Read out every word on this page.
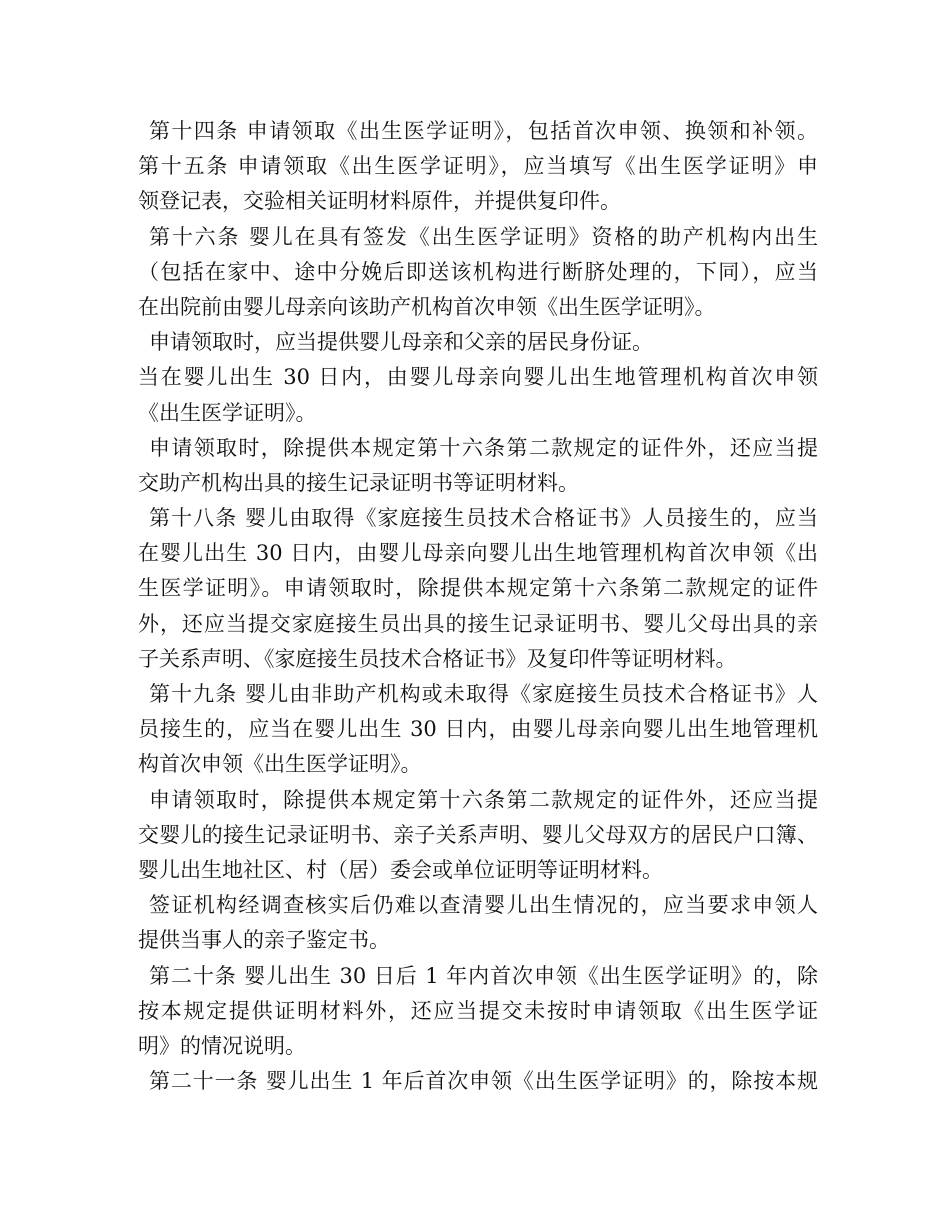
第十四条 申请领取《出生医学证明》，包括首次申领、换领和补领。
第十五条 申请领取《出生医学证明》，应当填写《出生医学证明》申
领登记表，交验相关证明材料原件，并提供复印件。
第十六条 婴儿在具有签发《出生医学证明》资格的助产机构内出生
（包括在家中、途中分娩后即送该机构进行断脐处理的，下同），应当
在出院前由婴儿母亲向该助产机构首次申领《出生医学证明》。
申请领取时，应当提供婴儿母亲和父亲的居民身份证。
当在婴儿出生 30 日内，由婴儿母亲向婴儿出生地管理机构首次申领
《出生医学证明》。
申请领取时，除提供本规定第十六条第二款规定的证件外，还应当提
交助产机构出具的接生记录证明书等证明材料。
第十八条 婴儿由取得《家庭接生员技术合格证书》人员接生的，应当
在婴儿出生 30 日内，由婴儿母亲向婴儿出生地管理机构首次申领《出
生医学证明》。申请领取时，除提供本规定第十六条第二款规定的证件
外，还应当提交家庭接生员出具的接生记录证明书、婴儿父母出具的亲
子关系声明、《家庭接生员技术合格证书》及复印件等证明材料。
第十九条 婴儿由非助产机构或未取得《家庭接生员技术合格证书》人
员接生的，应当在婴儿出生 30 日内，由婴儿母亲向婴儿出生地管理机
构首次申领《出生医学证明》。
申请领取时，除提供本规定第十六条第二款规定的证件外，还应当提
交婴儿的接生记录证明书、亲子关系声明、婴儿父母双方的居民户口簿、
婴儿出生地社区、村（居）委会或单位证明等证明材料。
签证机构经调查核实后仍难以查清婴儿出生情况的，应当要求申领人
提供当事人的亲子鉴定书。
第二十条 婴儿出生 30 日后 1 年内首次申领《出生医学证明》的，除
按本规定提供证明材料外，还应当提交未按时申请领取《出生医学证
明》的情况说明。
第二十一条 婴儿出生 1 年后首次申领《出生医学证明》的，除按本规
